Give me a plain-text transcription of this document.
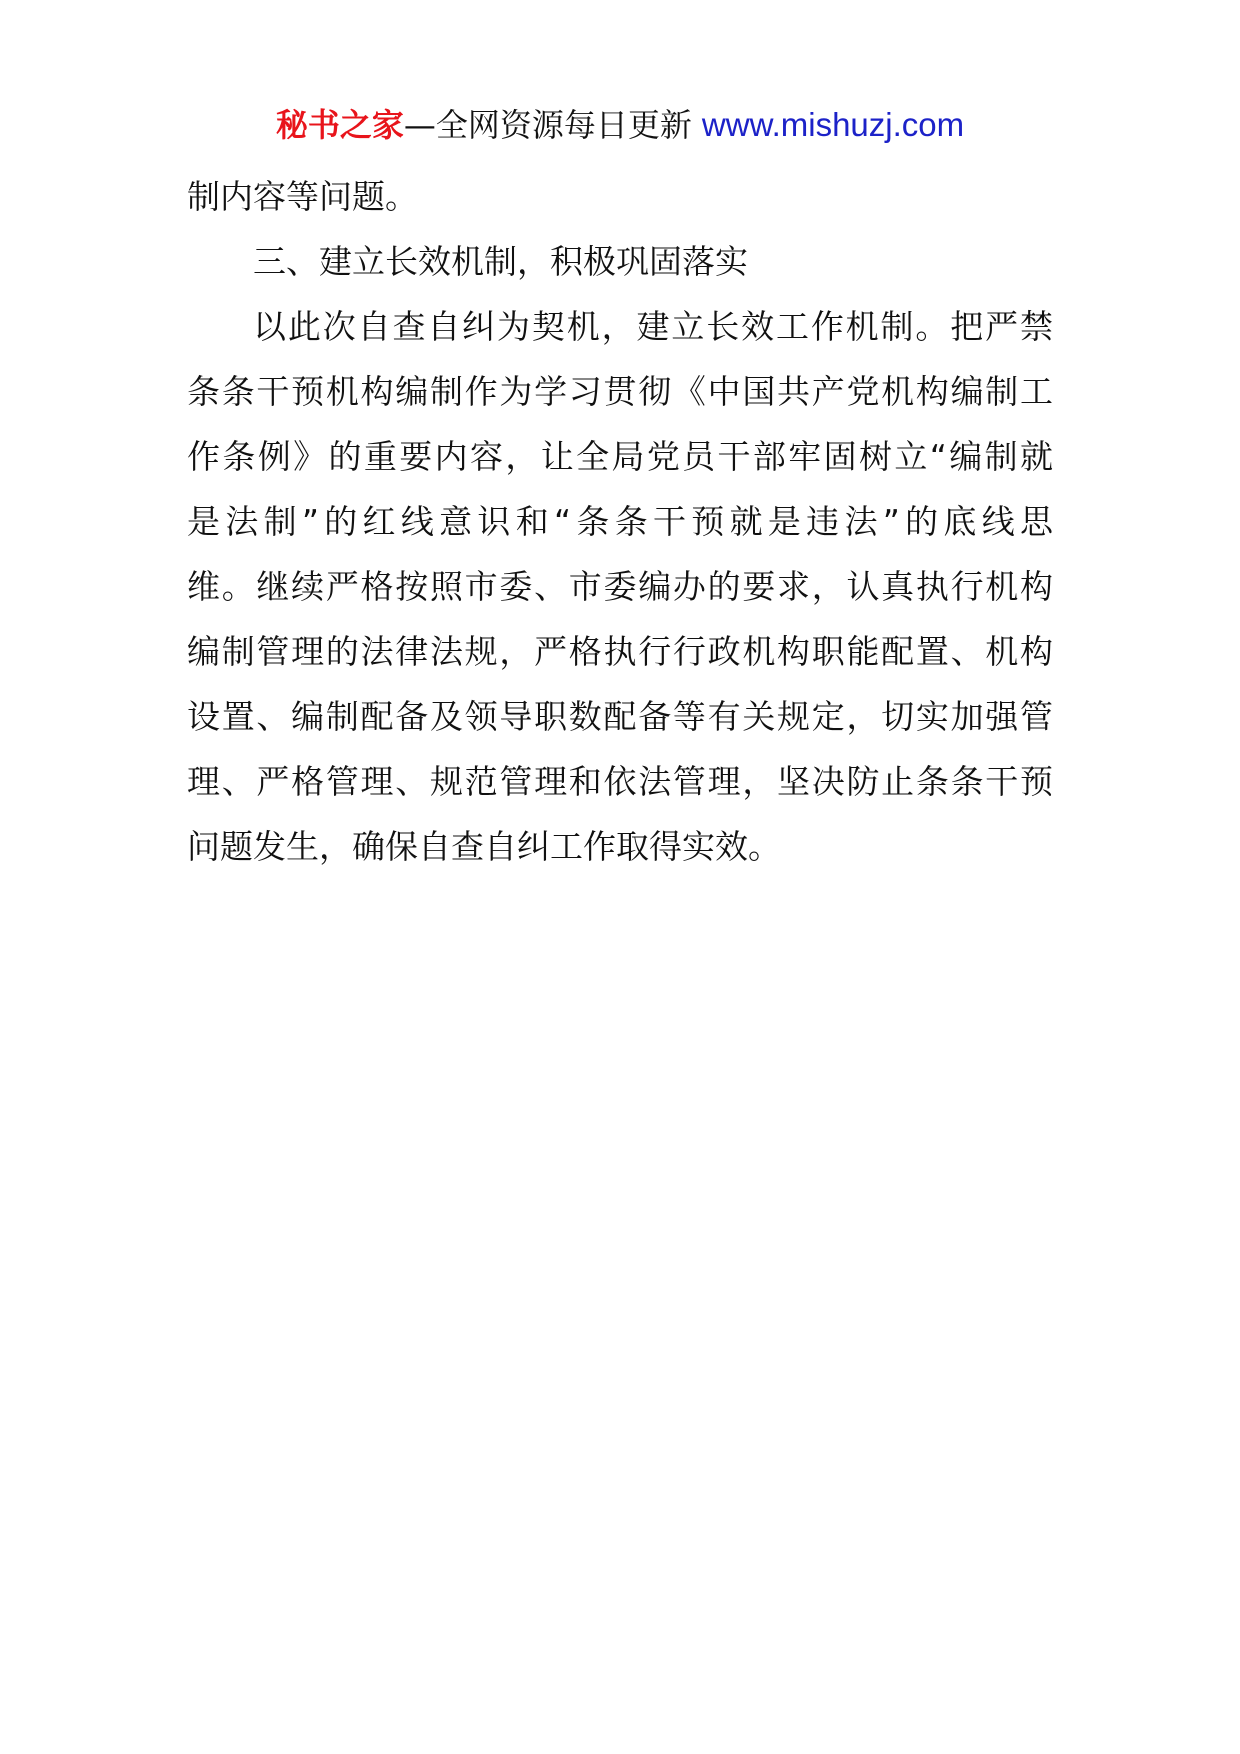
秘书之家—全网资源每日更新 www.mishuzj.com
制内容等问题。
三、建立长效机制，积极巩固落实
以此次自查自纠为契机，建立长效工作机制。把严禁
条条干预机构编制作为学习贯彻《中国共产党机构编制工
作条例》的重要内容，让全局党员干部牢固树立“编制就
是法制”的红线意识和“条条干预就是违法”的底线思
维。继续严格按照市委、市委编办的要求，认真执行机构
编制管理的法律法规，严格执行行政机构职能配置、机构
设置、编制配备及领导职数配备等有关规定，切实加强管
理、严格管理、规范管理和依法管理，坚决防止条条干预
问题发生，确保自查自纠工作取得实效。
